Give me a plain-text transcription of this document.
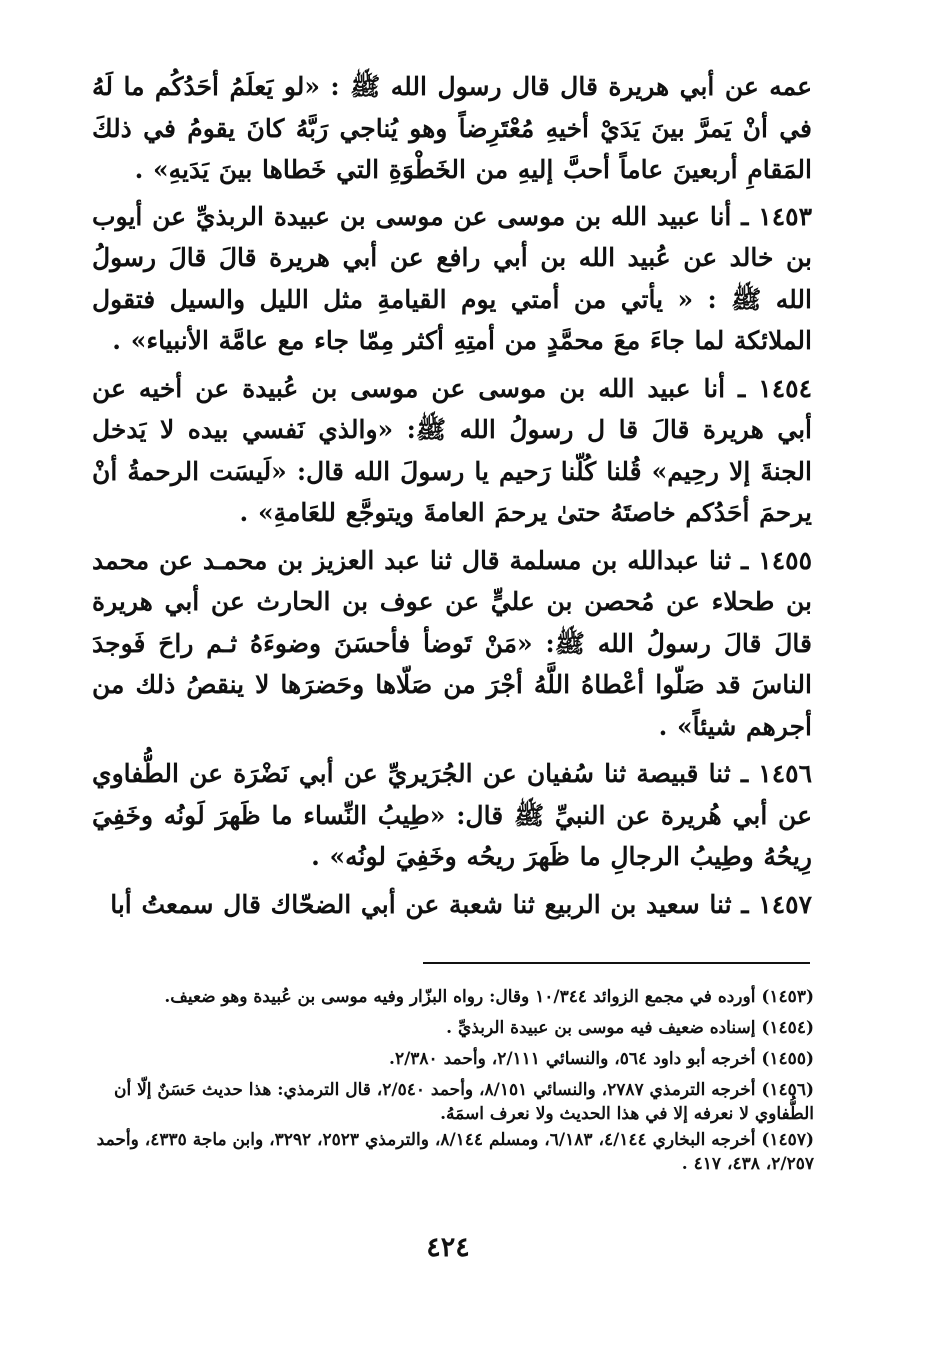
عمه عن أبي هريرة قال قال رسول الله ﷺ : «لو يَعلَمُ أحَدُكُم ما لَهُ في أنْ يَمرَّ بينَ يَدَيْ أخيهِ مُعْتَرِضاً وهو يُناجي رَبَّهُ كانَ يقومُ في ذلكَ المَقامِ أربعينَ عاماً أحبَّ إليهِ من الخَطْوَةِ التي خَطاها بينَ يَدَيهِ» .

١٤٥٣ ـ أنا عبيد الله بن موسى عن موسى بن عبيدة الربذيِّ عن أيوب بن خالد عن عُبيد الله بن أبي رافع عن أبي هريرة قالَ قالَ رسولُ الله ﷺ : « يأتي من أمتي يوم القيامةِ مثل الليل والسيل فتقول الملائكة لما جاءَ معَ محمَّدٍ من أمتِهِ أكثر مِمّا جاء مع عامَّة الأنبياء» .

١٤٥٤ ـ أنا عبيد الله بن موسى عن موسى بن عُبيدة عن أخيه عن أبي هريرة قالَ قا ل رسولُ الله ﷺ: «والذي نَفسي بيده لا يَدخل الجنةَ إلا رحِيم» قُلنا كُلّنا رَحيم يا رسولَ الله قال: «لَيسَت الرحمةُ أنْ يرحمَ أحَدُكم خاصتَهُ حتىٰ يرحمَ العامةَ ويتوجَّع للعَامةِ» .

١٤٥٥ ـ ثنا عبدالله بن مسلمة قال ثنا عبد العزيز بن محمـد عن محمد بن طحلاء عن مُحصن بن عليٍّ عن عوف بن الحارث عن أبي هريرة قالَ قالَ رسولُ الله ﷺ: «مَنْ تَوضأ فأحسَنَ وضوءَهُ ثـم راحَ فَوجدَ الناسَ قد صَلّوا أعْطاهُ اللَّهُ أجْرَ من صَلّاها وحَضرَها لا ينقصُ ذلك من أجرهم شيئاً» .

١٤٥٦ ـ ثنا قبيصة ثنا سُفيان عن الجُرَيريِّ عن أبي نَضْرَة عن الطُّفاوي عن أبي هُريرة عن النبيِّ ﷺ قال: «طِيبُ النِّساء ما ظَهرَ لَونُه وخَفِيَ رِيحُهُ وطِيبُ الرجالِ ما ظَهرَ ريحُه وخَفِيَ لونُه» .

١٤٥٧ ـ ثنا سعيد بن الربيع ثنا شعبة عن أبي الضحّاك قال سمعتُ أبا

(١٤٥٣) أورده في مجمع الزوائد ١٠/٣٤٤ وقال: رواه البزّار وفيه موسى بن عُبيدة وهو ضعيف.

(١٤٥٤) إسناده ضعيف فيه موسى بن عبيدة الربذيِّ .

(١٤٥٥) أخرجه أبو داود ٥٦٤، والنسائي ٢/١١١، وأحمد ٢/٣٨٠.

(١٤٥٦) أخرجه الترمذي ٢٧٨٧، والنسائي ٨/١٥١، وأحمد ٢/٥٤٠، قال الترمذي: هذا حديث حَسَنٌ إلّا أن الطُّفاوي لا نعرفه إلا في هذا الحديث ولا نعرف اسمَهُ.

(١٤٥٧) أخرجه البخاري ٤/١٤٤، ٦/١٨٣، ومسلم ٨/١٤٤، والترمذي ٢٥٢٣، ٣٢٩٢، وابن ماجة ٤٣٣٥، وأحمد ٢/٢٥٧، ٤٣٨، ٤١٧ .

٤٢٤
